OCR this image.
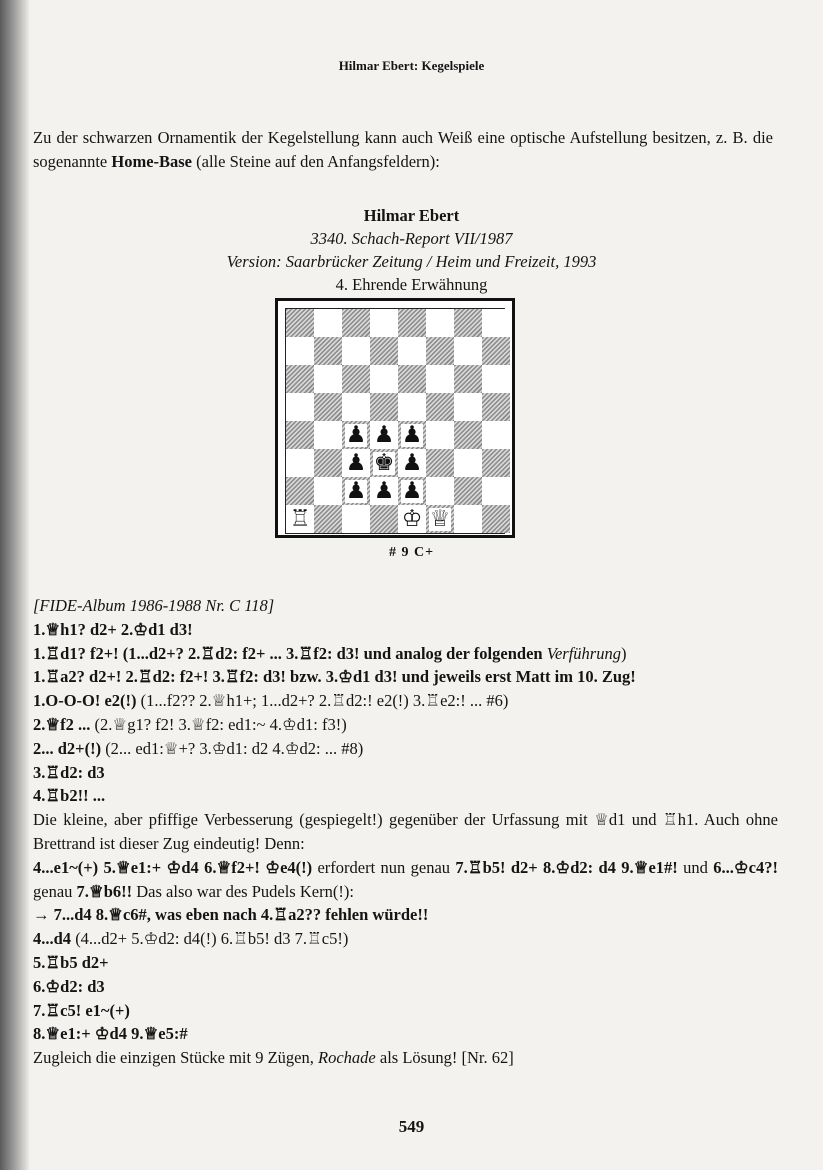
Hilmar Ebert: Kegelspiele
Zu der schwarzen Ornamentik der Kegelstellung kann auch Weiß eine optische Aufstellung besitzen, z. B. die sogenannte Home-Base (alle Steine auf den Anfangsfeldern):
Hilmar Ebert
3340. Schach-Report VII/1987
Version: Saarbrücker Zeitung / Heim und Freizeit, 1993
4. Ehrende Erwähnung
♟ ♟ ♟
♟ ♚ ♟
♟ ♟ ♟
♖	♔ ♕
# 9 C+

[FIDE-Album 1986-1988 Nr. C 118]

1.♕h1? d2+ 2.♔d1 d3!

1.♖d1? f2+! (1...d2+? 2.♖d2: f2+ ... 3.♖f2: d3! und analog der folgenden Verführung)

1.♖a2? d2+! 2.♖d2: f2+! 3.♖f2: d3! bzw. 3.♔d1 d3! und jeweils erst Matt im 10. Zug!

1.O-O-O! e2(!) (1...f2?? 2.♕h1+; 1...d2+? 2.♖d2:! e2(!) 3.♖e2:! ... #6)

2.♕f2 ... (2.♕g1? f2! 3.♕f2: ed1:~ 4.♔d1: f3!)

2... d2+(!) (2... ed1:♕+? 3.♔d1: d2 4.♔d2: ... #8)

3.♖d2: d3

4.♖b2!! ...

Die kleine, aber pfiffige Verbesserung (gespiegelt!) gegenüber der Urfassung mit ♕d1 und ♖h1. Auch ohne Brettrand ist dieser Zug eindeutig! Denn:

4...e1~(+) 5.♕e1:+ ♔d4 6.♕f2+! ♔e4(!) erfordert nun genau 7.♖b5! d2+ 8.♔d2: d4 9.♕e1#! und 6...♔c4?! genau 7.♕b6!! Das also war des Pudels Kern(!):

→ 7...d4 8.♕c6#, was eben nach 4.♖a2?? fehlen würde!!

4...d4 (4...d2+ 5.♔d2: d4(!) 6.♖b5! d3 7.♖c5!)

5.♖b5 d2+

6.♔d2: d3

7.♖c5! e1~(+)

8.♕e1:+ ♔d4 9.♕e5:#

Zugleich die einzigen Stücke mit 9 Zügen, Rochade als Lösung! [Nr. 62]

549
